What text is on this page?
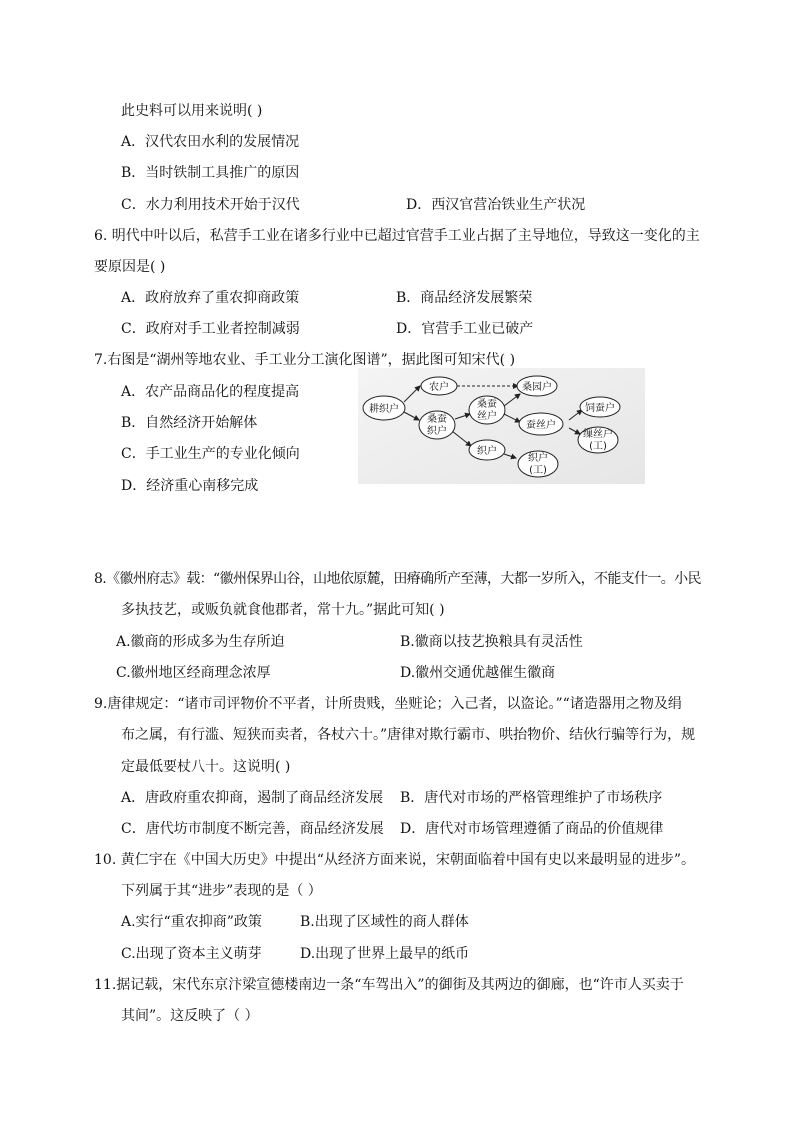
此史料可以用来说明( )
A．汉代农田水利的发展情况
B．当时铁制工具推广的原因
C．水力利用技术开始于汉代	D．西汉官营冶铁业生产状况
6. 明代中叶以后，私营手工业在诸多行业中已超过官营手工业占据了主导地位，导致这一变化的主
要原因是( )
A．政府放弃了重农抑商政策	B．商品经济发展繁荣
C．政府对手工业者控制减弱	D．官营手工业已破产
7.右图是“湖州等地农业、手工业分工演化图谱”，据此图可知宋代( )
A．农产品商品化的程度提高
B．自然经济开始解体
C．手工业生产的专业化倾向
D．经济重心南移完成
耕织户
农户
桑蚕
织户
桑蚕
丝户
桑园户
蚕丝户
饲蚕户
织户
织户
(工)
缫丝户
(工)
8.《徽州府志》载：“徽州保界山谷，山地依原麓，田瘠确所产至薄，大都一岁所入，不能支什一。小民
多执技艺，或贩负就食他郡者，常十九。”据此可知( )
A.徽商的形成多为生存所迫	B.徽商以技艺换粮具有灵活性
C.徽州地区经商理念浓厚	D.徽州交通优越催生徽商
9.唐律规定：“诸市司评物价不平者，计所贵贱，坐赃论；入己者，以盗论。”“诸造器用之物及绢
布之属，有行滥、短狭而卖者，各杖六十。”唐律对欺行霸市、哄抬物价、结伙行骗等行为，规
定最低要杖八十。这说明( )
A．唐政府重农抑商，遏制了商品经济发展 B．唐代对市场的严格管理维护了市场秩序
C．唐代坊市制度不断完善，商品经济发展 D．唐代对市场管理遵循了商品的价值规律
10. 黄仁宇在《中国大历史》中提出“从经济方面来说，宋朝面临着中国有史以来最明显的进步”。
下列属于其“进步”表现的是（ ）
A.实行“重农抑商”政策	B.出现了区域性的商人群体
C.出现了资本主义萌芽	D.出现了世界上最早的纸币
11.据记载，宋代东京汴梁宣德楼南边一条“车驾出入”的御街及其两边的御廊，也“许市人买卖于
其间”。这反映了（ ）
